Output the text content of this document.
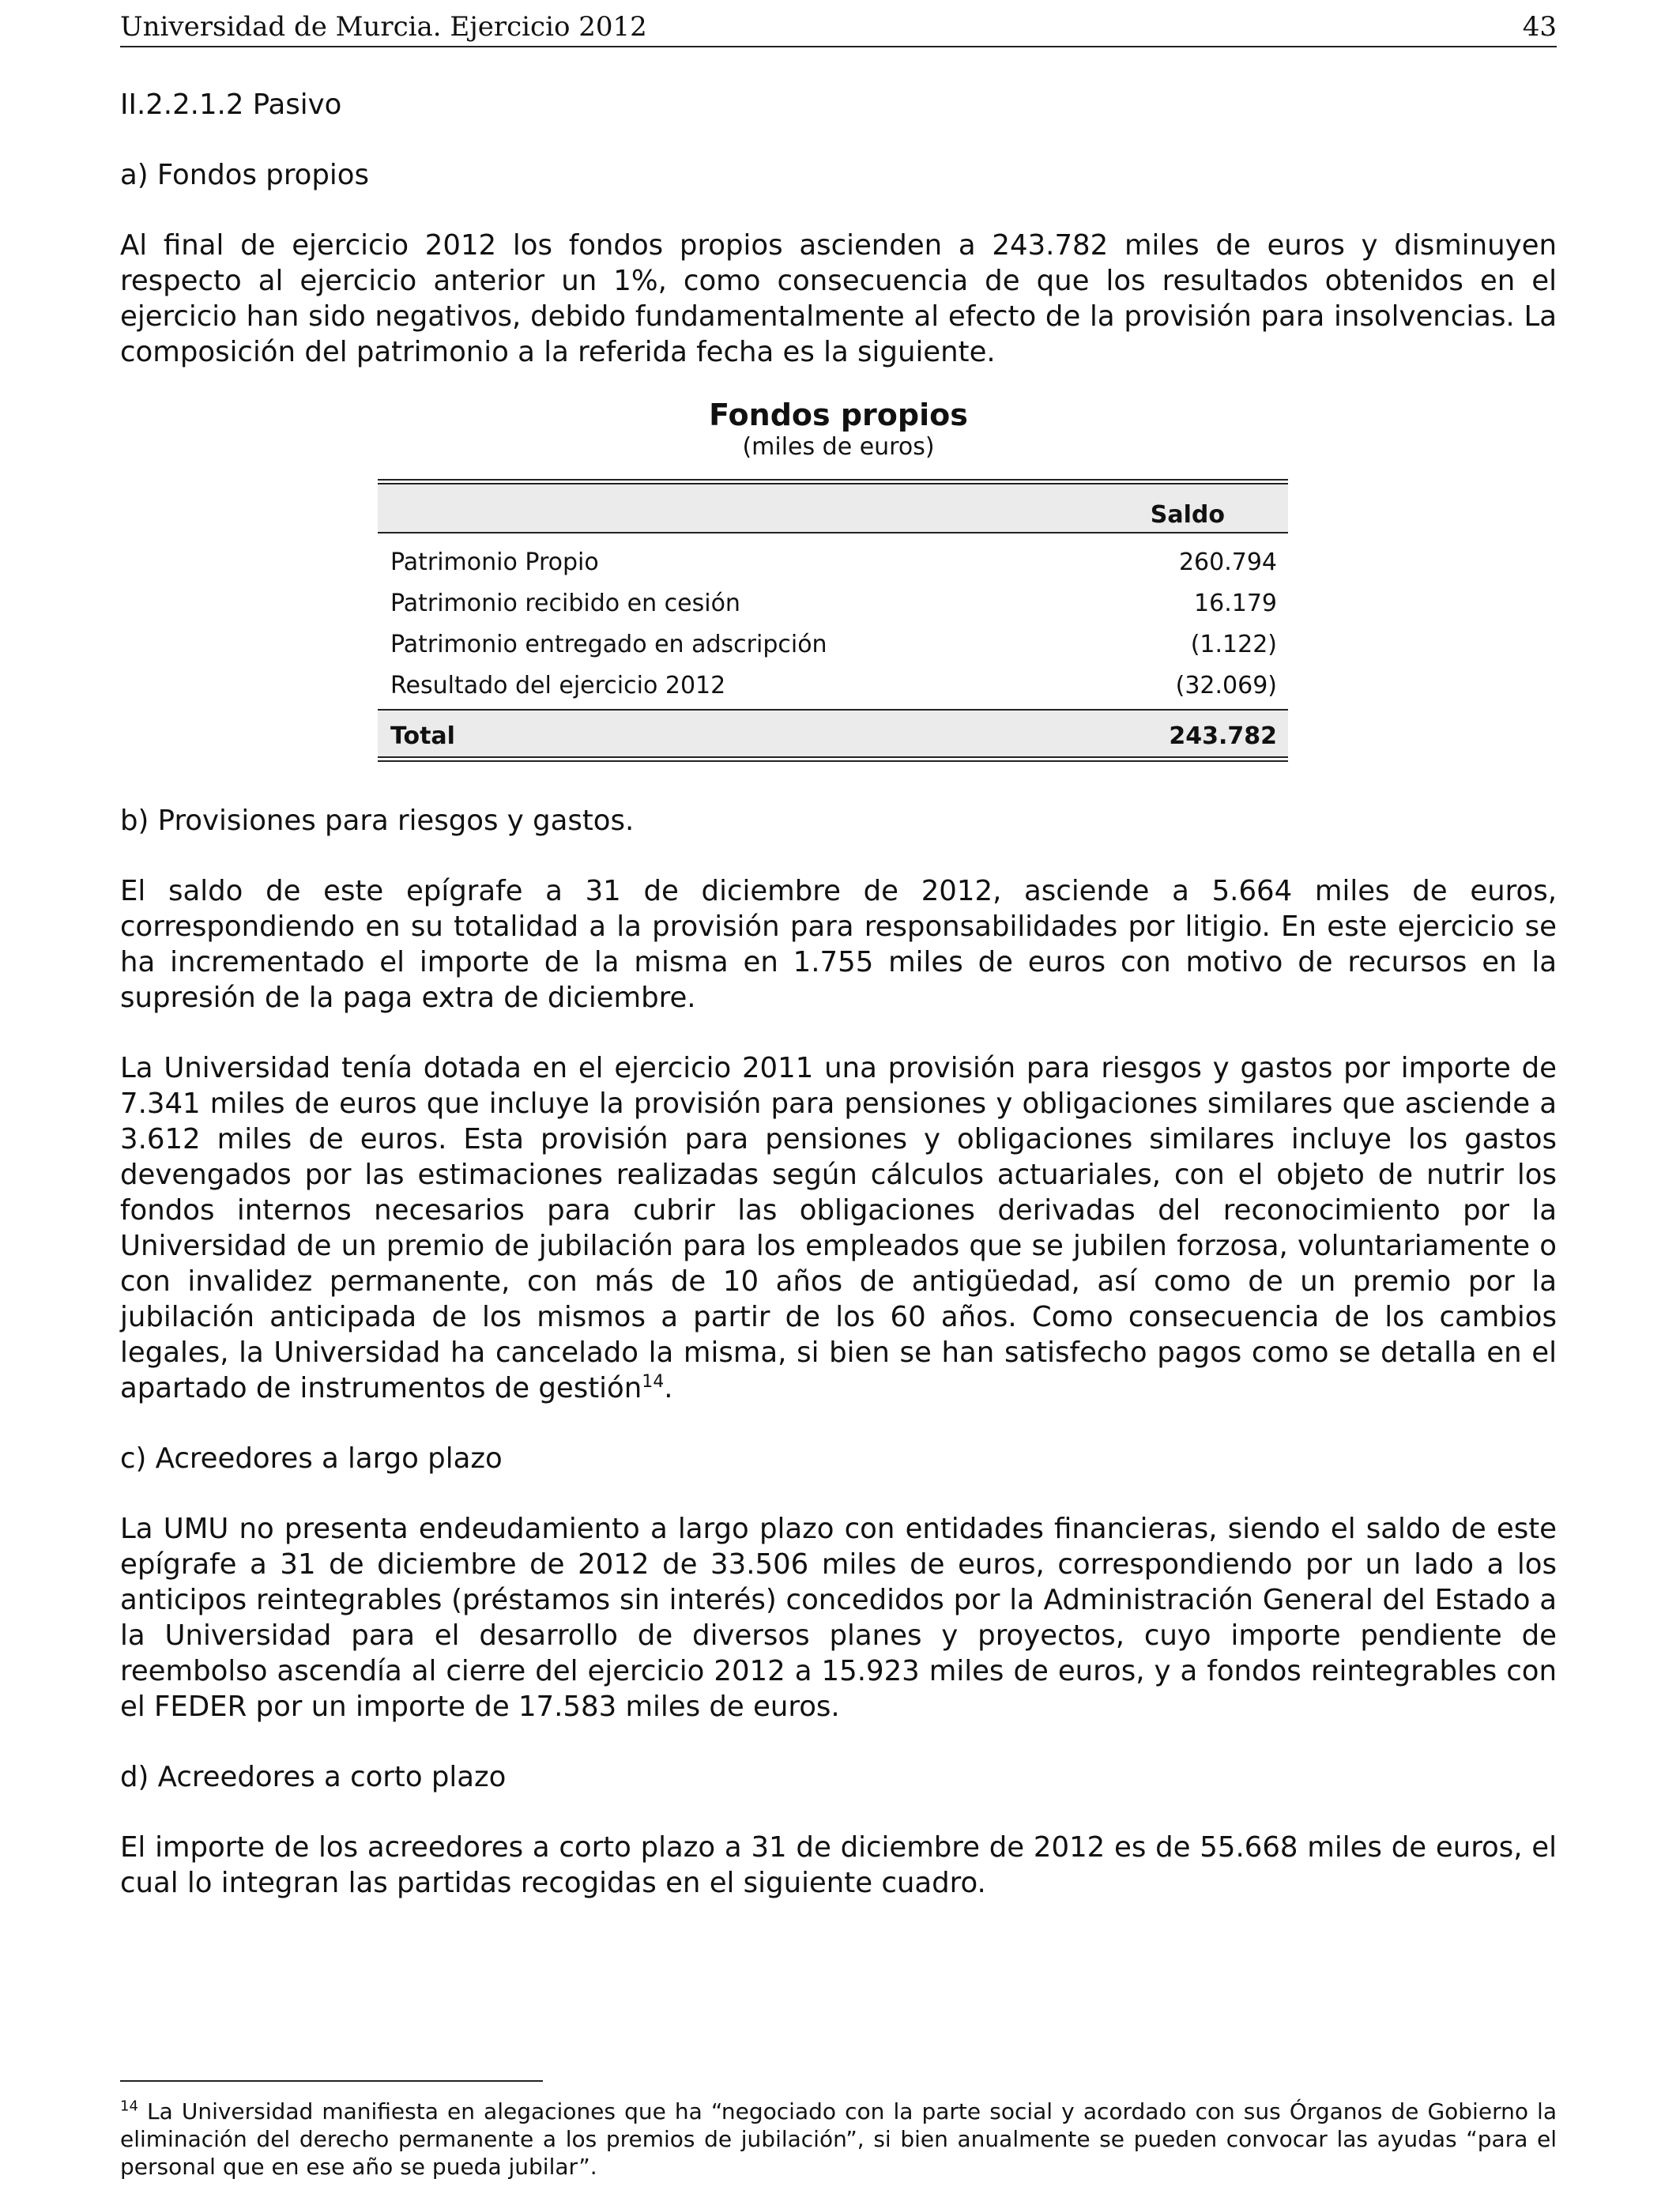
Universidad de Murcia. Ejercicio 2012	43
II.2.2.1.2 Pasivo
a) Fondos propios

Al final de ejercicio 2012 los fondos propios ascienden a 243.782 miles de euros y disminuyen respecto al ejercicio anterior un 1%, como consecuencia de que los resultados obtenidos en el ejercicio han sido negativos, debido fundamentalmente al efecto de la provisión para insolvencias. La composición del patrimonio a la referida fecha es la siguiente.

Fondos propios
(miles de euros)
Saldo
Patrimonio Propio	260.794
Patrimonio recibido en cesión	16.179
Patrimonio entregado en adscripción	(1.122)
Resultado del ejercicio 2012	(32.069)
Total	243.782
b) Provisiones para riesgos y gastos.

El saldo de este epígrafe a 31 de diciembre de 2012, asciende a 5.664 miles de euros, correspondiendo en su totalidad a la provisión para responsabilidades por litigio. En este ejercicio se ha incrementado el importe de la misma en 1.755 miles de euros con motivo de recursos en la supresión de la paga extra de diciembre.

La Universidad tenía dotada en el ejercicio 2011 una provisión para riesgos y gastos por importe de 7.341 miles de euros que incluye la provisión para pensiones y obligaciones similares que asciende a 3.612 miles de euros. Esta provisión para pensiones y obligaciones similares incluye los gastos devengados por las estimaciones realizadas según cálculos actuariales, con el objeto de nutrir los fondos internos necesarios para cubrir las obligaciones derivadas del reconocimiento por la Universidad de un premio de jubilación para los empleados que se jubilen forzosa, voluntariamente o con invalidez permanente, con más de 10 años de antigüedad, así como de un premio por la jubilación anticipada de los mismos a partir de los 60 años. Como consecuencia de los cambios legales, la Universidad ha cancelado la misma, si bien se han satisfecho pagos como se detalla en el apartado de instrumentos de gestión$^{14}$.

c) Acreedores a largo plazo

La UMU no presenta endeudamiento a largo plazo con entidades financieras, siendo el saldo de este epígrafe a 31 de diciembre de 2012 de 33.506 miles de euros, correspondiendo por un lado a los anticipos reintegrables (préstamos sin interés) concedidos por la Administración General del Estado a la Universidad para el desarrollo de diversos planes y proyectos, cuyo importe pendiente de reembolso ascendía al cierre del ejercicio 2012 a 15.923 miles de euros, y a fondos reintegrables con el FEDER por un importe de 17.583 miles de euros.

d) Acreedores a corto plazo

El importe de los acreedores a corto plazo a 31 de diciembre de 2012 es de 55.668 miles de euros, el cual lo integran las partidas recogidas en el siguiente cuadro.

$^{14}$ La Universidad manifiesta en alegaciones que ha “negociado con la parte social y acordado con sus Órganos de Gobierno la eliminación del derecho permanente a los premios de jubilación”, si bien anualmente se pueden convocar las ayudas “para el personal que en ese año se pueda jubilar”.
